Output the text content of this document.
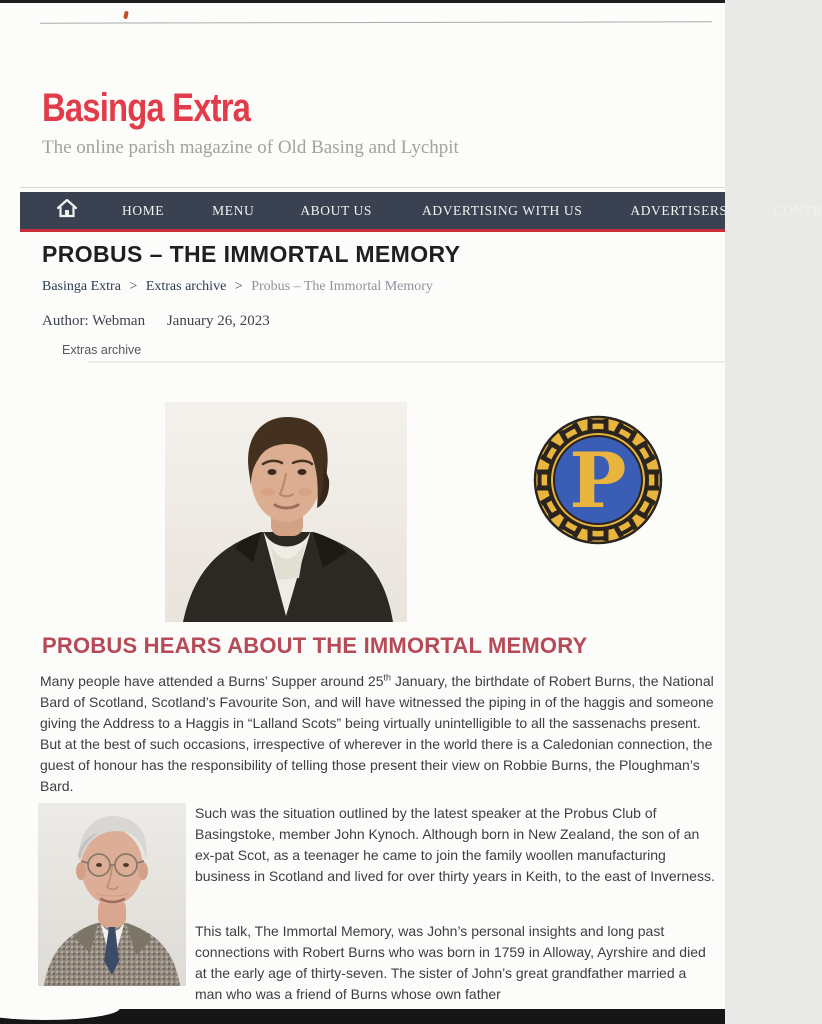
Basinga Extra
The online parish magazine of Old Basing and Lychpit
HOME	MENU	ABOUT US	ADVERTISING WITH US	ADVERTISERS	CONTR
PROBUS – THE IMMORTAL MEMORY
Basinga Extra > Extras archive > Probus – The Immortal Memory
Author: Webman January 26, 2023
Extras archive
P
PROBUS HEARS ABOUT THE IMMORTAL MEMORY

Many people have attended a Burns’ Supper around 25th January, the birthdate of Robert Burns, the National Bard of Scotland, Scotland’s Favourite Son, and will have witnessed the piping in of the haggis and someone giving the Address to a Haggis in “Lalland Scots” being virtually unintelligible to all the sassenachs present. But at the best of such occasions, irrespective of wherever in the world there is a Caledonian connection, the guest of honour has the responsibility of telling those present their view on Robbie Burns, the Ploughman’s Bard.

Such was the situation outlined by the latest speaker at the Probus Club of Basingstoke, member John Kynoch. Although born in New Zealand, the son of an ex-pat Scot, as a teenager he came to join the family woollen manufacturing business in Scotland and lived for over thirty years in Keith, to the east of Inverness.

This talk, The Immortal Memory, was John’s personal insights and long past connections with Robert Burns who was born in 1759 in Alloway, Ayrshire and died at the early age of thirty-seven. The sister of John’s great grandfather married a man who was a friend of Burns whose own father
